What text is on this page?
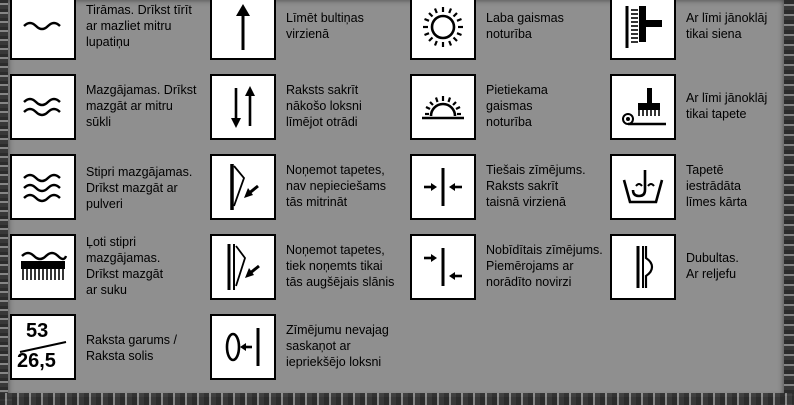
Tirāmas. Drīkst tīrīt
ar mazliet mitru
lupatiņu
Mazgājamas. Drīkst
mazgāt ar mitru
sūkli
Stipri mazgājamas.
Drīkst mazgāt ar
pulveri
Ļoti stipri
mazgājamas.
Drīkst mazgāt
ar suku
53
26,5
Raksta garums /
Raksta solis
Līmēt bultiņas
virzienā
Raksts sakrīt
nākošo loksni
līmējot otrādi
Noņemot tapetes,
nav nepieciešams
tās mitrināt
Noņemot tapetes,
tiek noņemts tikai
tās augšējais slānis
Zīmējumu nevajag
saskaņot ar
iepriekšējo loksni
Laba gaismas
noturība
Pietiekama
gaismas
noturība
Tiešais zīmējums.
Raksts sakrīt
taisnā virzienā
Nobīdītais zīmējums.
Piemērojams ar
norādīto novirzi
Ar līmi jānoklāj
tikai siena
Ar līmi jānoklāj
tikai tapete
Tapetē
iestrādāta
līmes kārta
Dubultas.
Ar reljefu
